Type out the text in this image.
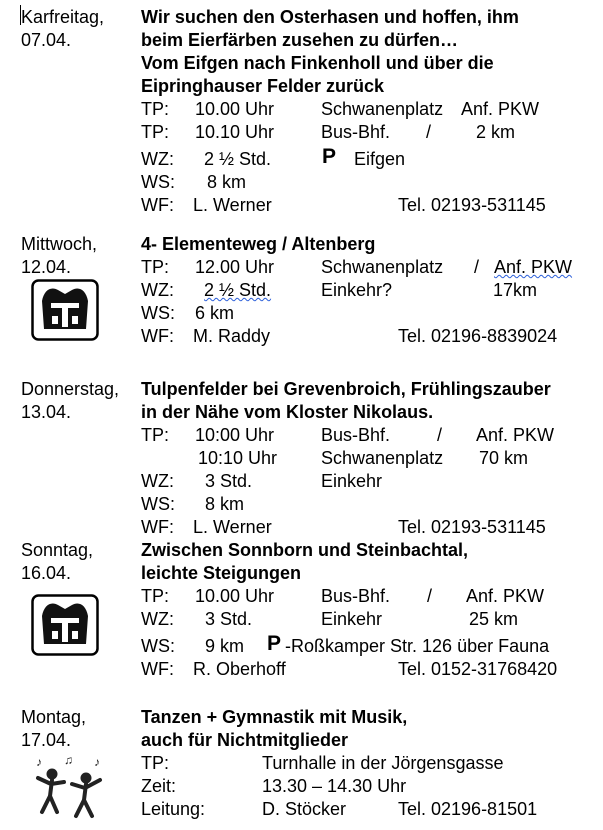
Karfreitag,
07.04.
Wir suchen den Osterhasen und hoffen, ihm
beim Eierfärben zusehen zu dürfen…
Vom Eifgen nach Finkenholl und über die
Eipringhauser Felder zurück
TP: 10.00 Uhr	Schwanenplatz Anf. PKW
TP: 10.10 Uhr	Bus-Bhf. / 2 km
WZ: 2 ½ Std. P Eifgen
WS: 8 km
WF: L. Werner	Tel. 02193-531145
Mittwoch,
12.04.
4- Elementeweg / Altenberg
TP: 12.00 Uhr	Schwanenplatz / Anf. PKW
WZ: 2 ½ Std.	Einkehr?	17km
WS: 6 km
WF: M. Raddy	Tel. 02196-8839024
Donnerstag,
13.04.
Tulpenfelder bei Grevenbroich, Frühlingszauber
in der Nähe vom Kloster Nikolaus.
TP: 10:00 Uhr	Bus-Bhf.	/ Anf. PKW
10:10 Uhr Schwanenplatz 70 km
WZ: 3 Std.	Einkehr
WS: 8 km
WF: L. Werner	Tel. 02193-531145
Sonntag,
16.04.
Zwischen Sonnborn und Steinbachtal,
leichte Steigungen
TP: 10.00 Uhr	Bus-Bhf. / Anf. PKW
WZ: 3 Std.	Einkehr	25 km
WS: 9 km P -Roßkamper Str. 126 über Fauna
WF: R. Oberhoff	Tel. 0152-31768420
Montag,
17.04.
♪ ♫ ♪
Tanzen + Gymnastik mit Musik,
auch für Nichtmitglieder
TP:	Turnhalle in der Jörgensgasse
Zeit:	13.30 – 14.30 Uhr
Leitung:	D. Stöcker	Tel. 02196-81501
